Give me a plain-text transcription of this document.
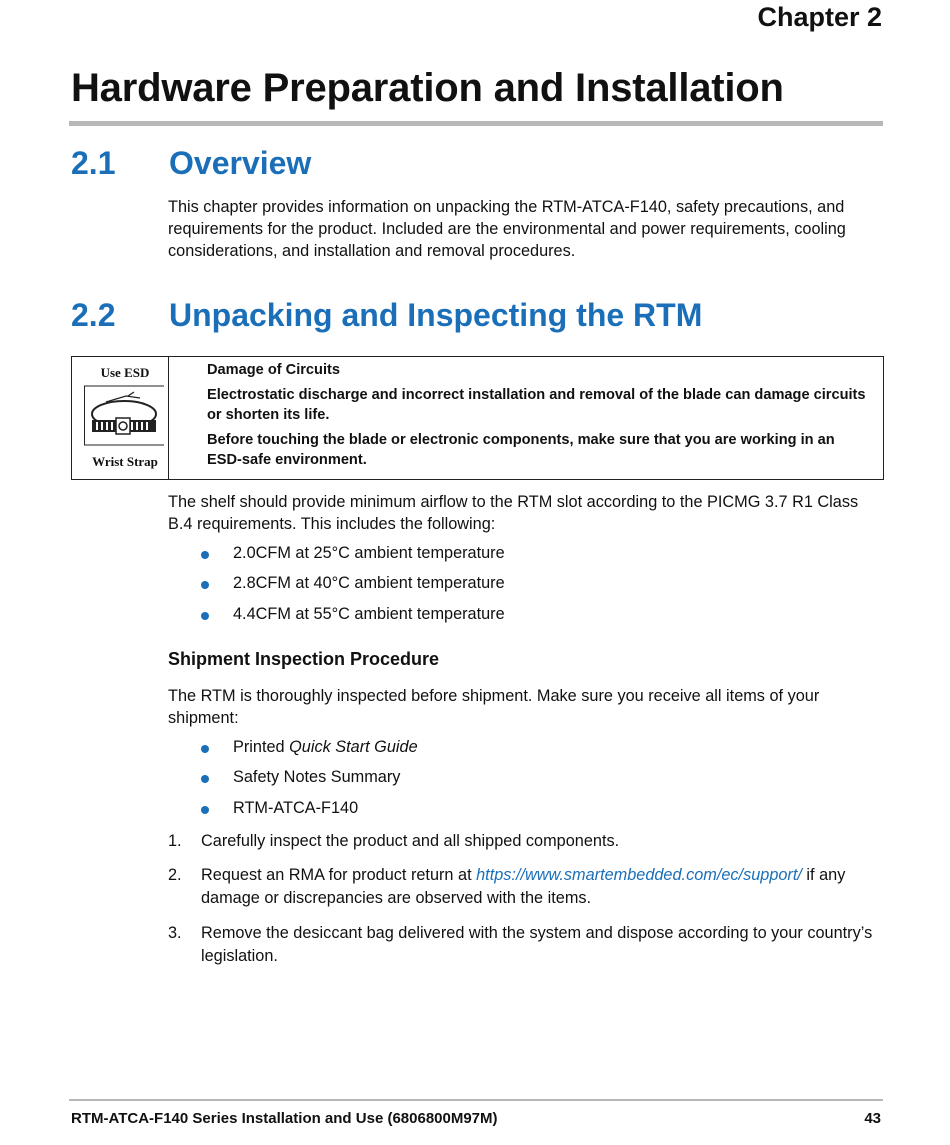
Chapter 2
Hardware Preparation and Installation
2.1 Overview
This chapter provides information on unpacking the RTM-ATCA-F140, safety precautions, and requirements for the product. Included are the environmental and power requirements, cooling considerations, and installation and removal procedures.
2.2 Unpacking and Inspecting the RTM
Use ESD
Wrist Strap
Damage of Circuits
Electrostatic discharge and incorrect installation and removal of the blade can damage circuits or shorten its life.
Before touching the blade or electronic components, make sure that you are working in an ESD-safe environment.
The shelf should provide minimum airflow to the RTM slot according to the PICMG 3.7 R1 Class B.4 requirements. This includes the following:
2.0CFM at 25°C ambient temperature
2.8CFM at 40°C ambient temperature
4.4CFM at 55°C ambient temperature
Shipment Inspection Procedure
The RTM is thoroughly inspected before shipment. Make sure you receive all items of your shipment:
Printed Quick Start Guide
Safety Notes Summary
RTM-ATCA-F140
1. Carefully inspect the product and all shipped components.
2. Request an RMA for product return at https://www.smartembedded.com/ec/support/ if any damage or discrepancies are observed with the items.
3. Remove the desiccant bag delivered with the system and dispose according to your country’s legislation.
RTM-ATCA-F140 Series Installation and Use (6806800M97M)	43
